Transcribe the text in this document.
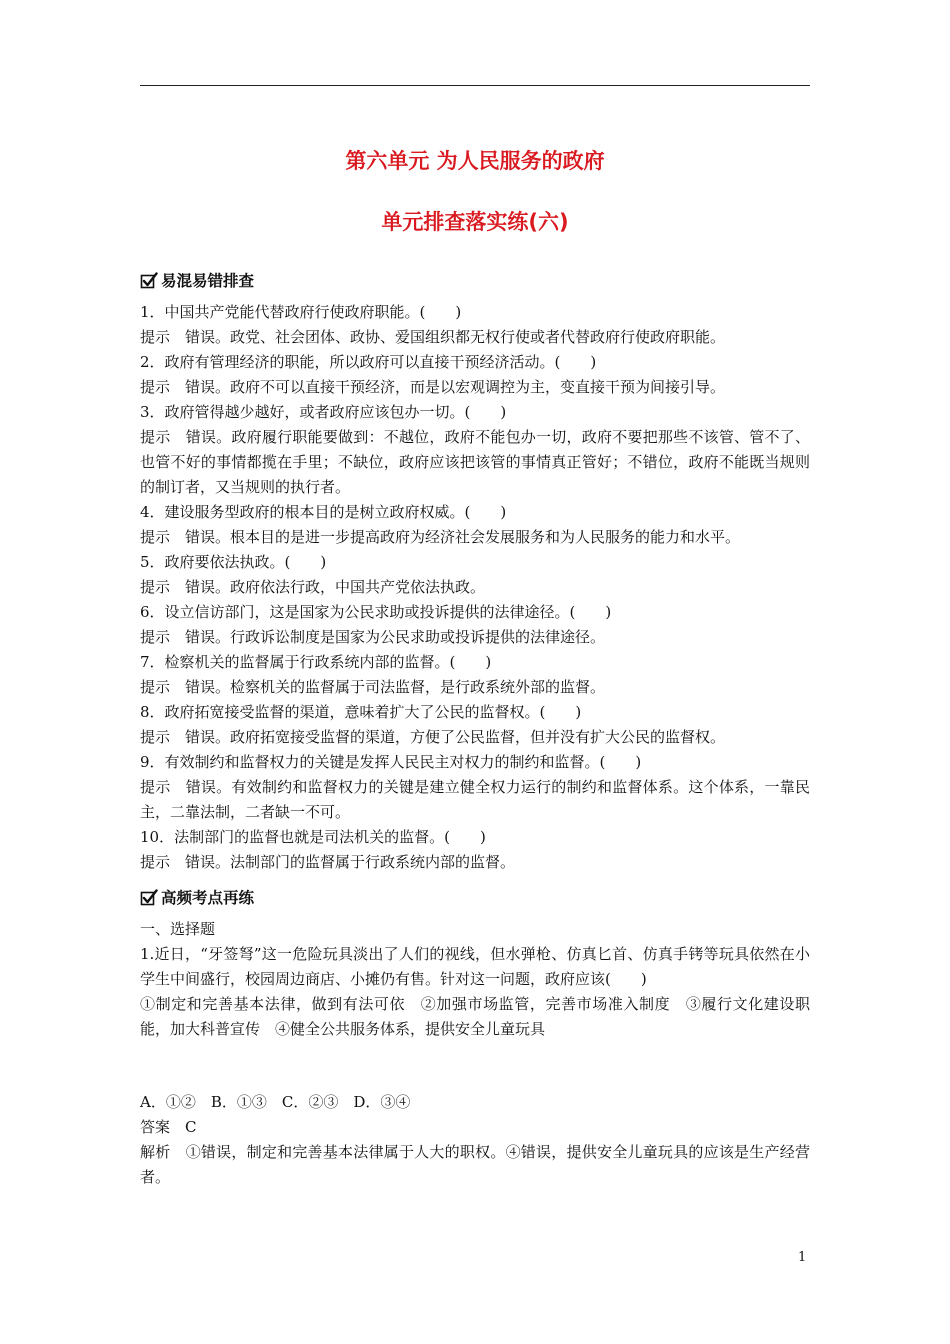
第六单元 为人民服务的政府
单元排查落实练(六)
易混易错排查

1．中国共产党能代替政府行使政府职能。(　　)

提示　错误。政党、社会团体、政协、爱国组织都无权行使或者代替政府行使政府职能。

2．政府有管理经济的职能，所以政府可以直接干预经济活动。(　　)

提示　错误。政府不可以直接干预经济，而是以宏观调控为主，变直接干预为间接引导。

3．政府管得越少越好，或者政府应该包办一切。(　　)

提示　错误。政府履行职能要做到：不越位，政府不能包办一切，政府不要把那些不该管、管不了、也管不好的事情都揽在手里；不缺位，政府应该把该管的事情真正管好；不错位，政府不能既当规则的制订者，又当规则的执行者。

4．建设服务型政府的根本目的是树立政府权威。(　　)

提示　错误。根本目的是进一步提高政府为经济社会发展服务和为人民服务的能力和水平。

5．政府要依法执政。(　　)

提示　错误。政府依法行政，中国共产党依法执政。

6．设立信访部门，这是国家为公民求助或投诉提供的法律途径。(　　)

提示　错误。行政诉讼制度是国家为公民求助或投诉提供的法律途径。

7．检察机关的监督属于行政系统内部的监督。(　　)

提示　错误。检察机关的监督属于司法监督，是行政系统外部的监督。

8．政府拓宽接受监督的渠道，意味着扩大了公民的监督权。(　　)

提示　错误。政府拓宽接受监督的渠道，方便了公民监督，但并没有扩大公民的监督权。

9．有效制约和监督权力的关键是发挥人民民主对权力的制约和监督。(　　)

提示　错误。有效制约和监督权力的关键是建立健全权力运行的制约和监督体系。这个体系，一靠民主，二靠法制，二者缺一不可。

10．法制部门的监督也就是司法机关的监督。(　　)

提示　错误。法制部门的监督属于行政系统内部的监督。

高频考点再练

一、选择题

1.近日，“牙签弩”这一危险玩具淡出了人们的视线，但水弹枪、仿真匕首、仿真手铐等玩具依然在小学生中间盛行，校园周边商店、小摊仍有售。针对这一问题，政府应该(　　)

①制定和完善基本法律，做到有法可依　②加强市场监管，完善市场准入制度　③履行文化建设职能，加大科普宣传　④健全公共服务体系，提供安全儿童玩具

A．①②　B．①③　C．②③　D．③④

答案　C

解析　①错误，制定和完善基本法律属于人大的职权。④错误，提供安全儿童玩具的应该是生产经营者。

1
